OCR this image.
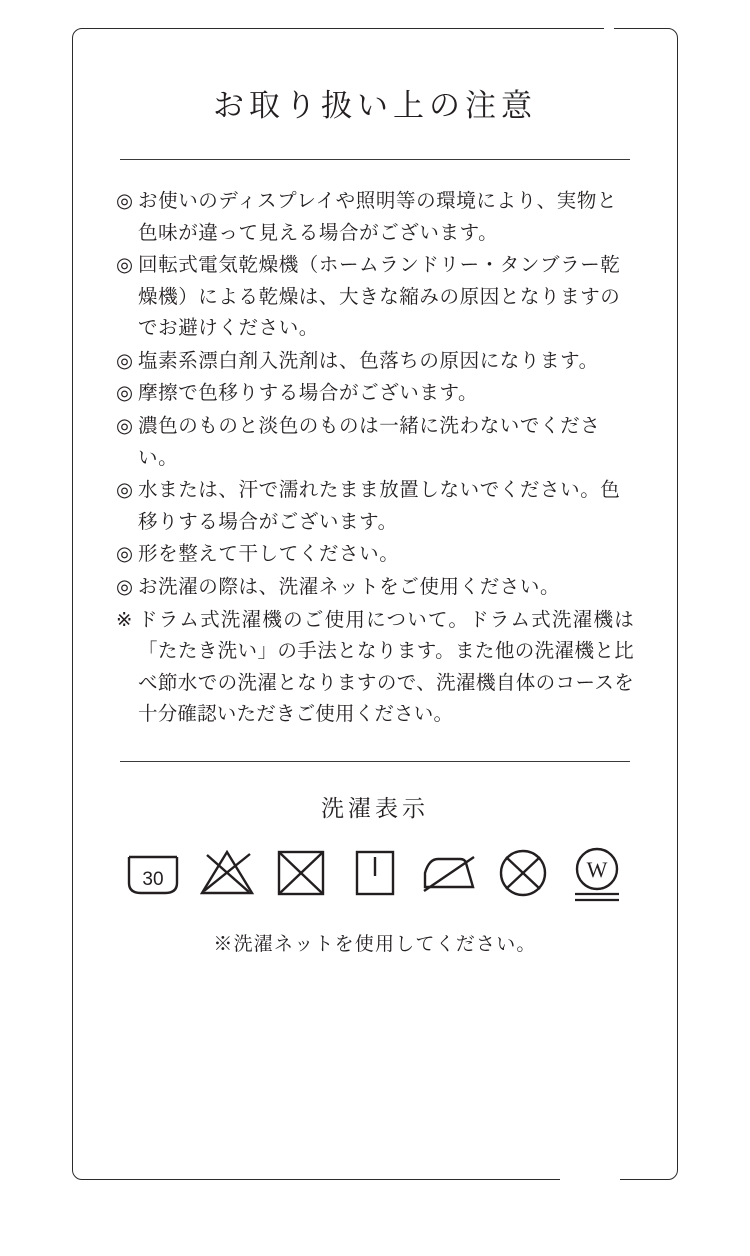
お取り扱い上の注意
◎ お使いのディスプレイや照明等の環境により、実物と色味が違って見える場合がございます。
◎ 回転式電気乾燥機（ホームランドリー・タンブラー乾燥機）による乾燥は、大きな縮みの原因となりますのでお避けください。
◎ 塩素系漂白剤入洗剤は、色落ちの原因になります。
◎ 摩擦で色移りする場合がございます。
◎ 濃色のものと淡色のものは一緒に洗わないでください。
◎ 水または、汗で濡れたまま放置しないでください。色移りする場合がございます。
◎ 形を整えて干してください。
◎ お洗濯の際は、洗濯ネットをご使用ください。
※ ドラム式洗濯機のご使用について。ドラム式洗濯機は「たたき洗い」の手法となります。また他の洗濯機と比べ節水での洗濯となりますので、洗濯機自体のコースを十分確認いただきご使用ください。
洗濯表示
30	W
※洗濯ネットを使用してください。
